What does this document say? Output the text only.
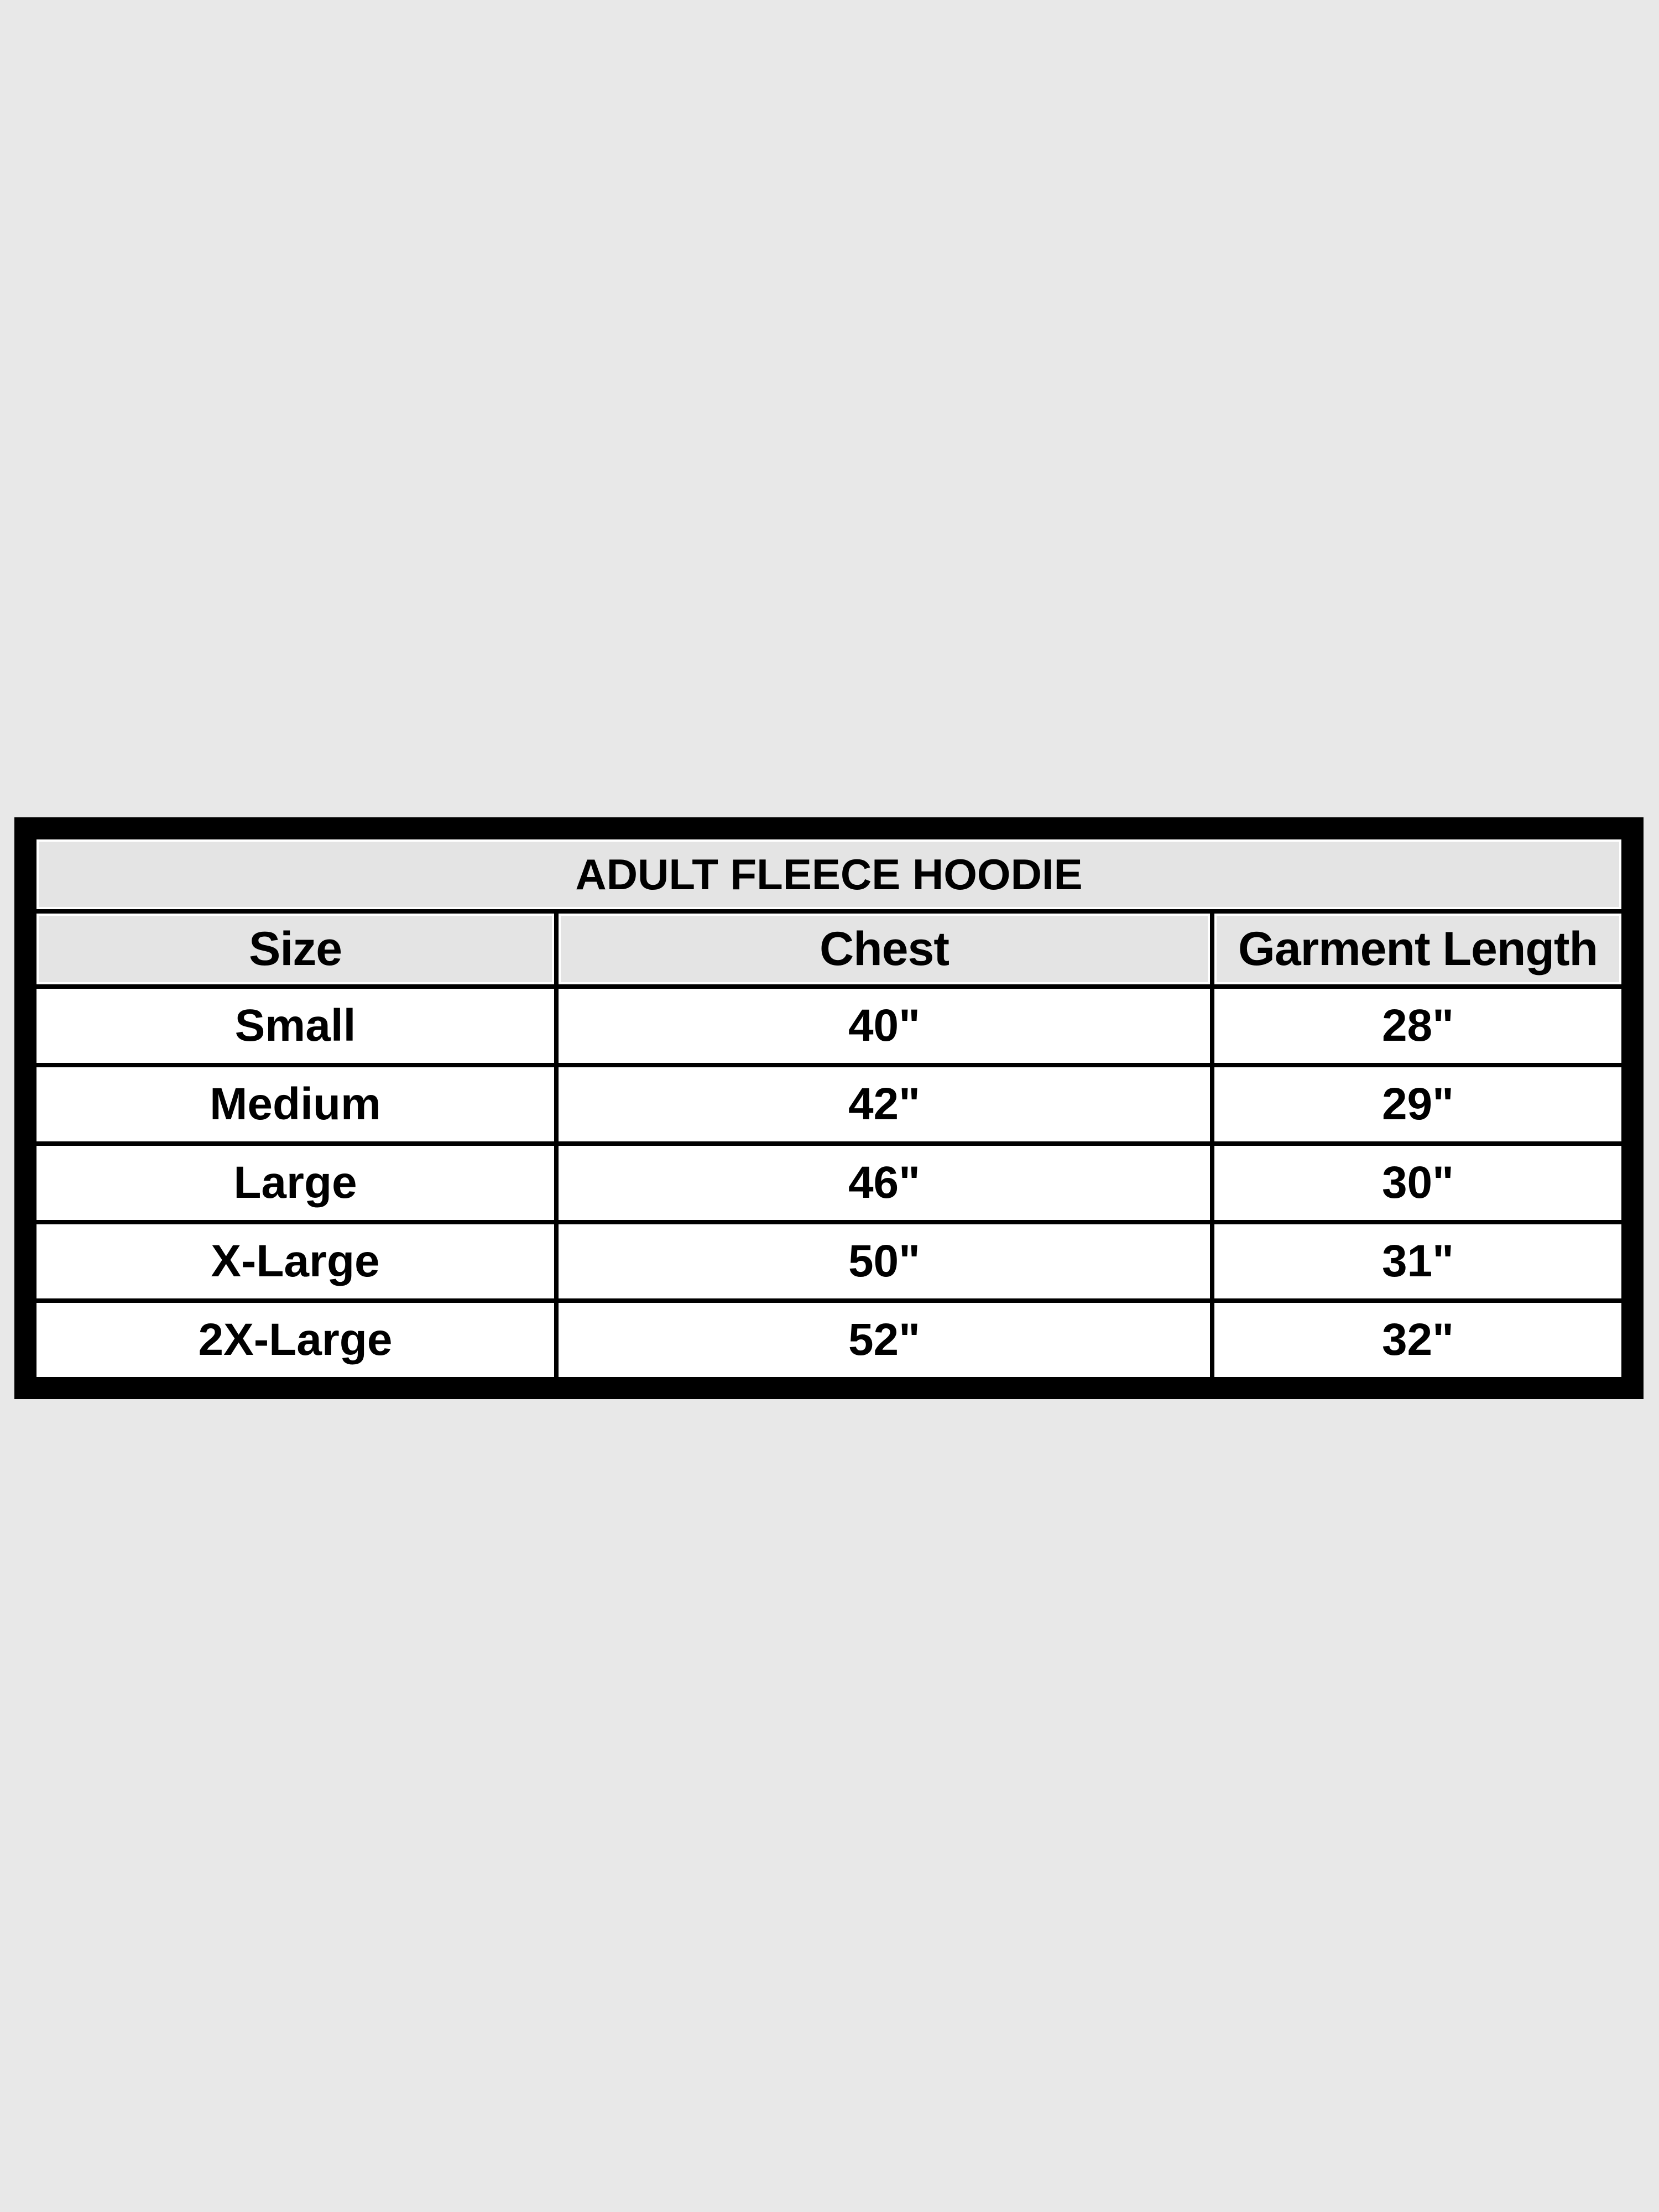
ADULT FLEECE HOODIE
Size	Chest	Garment Length
Small	40"	28"
Medium	42"	29"
Large	46"	30"
X-Large	50"	31"
2X-Large	52"	32"
